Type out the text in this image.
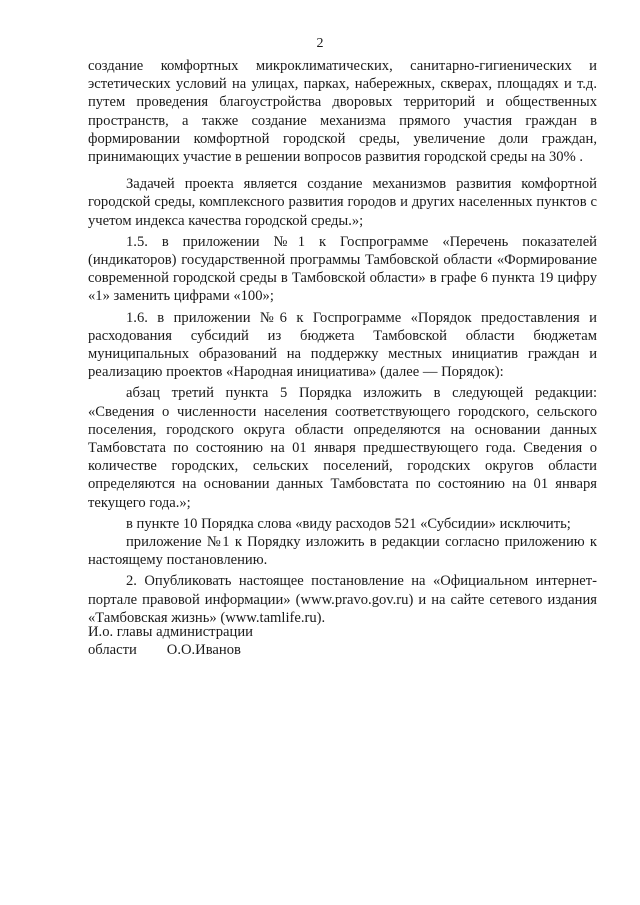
2

создание комфортных микроклиматических, санитарно-гигиенических и эстетических условий на улицах, парках, набережных, скверах, площадях и т.д. путем проведения благоустройства дворовых территорий и общественных пространств, а также создание механизма прямого участия граждан в формировании комфортной городской среды, увеличение доли граждан, принимающих участие в решении вопросов развития городской среды на 30% .

Задачей проекта является создание механизмов развития комфортной городской среды, комплексного развития городов и других населенных пунктов с учетом индекса качества городской среды.»;

1.5. в приложении №1 к Госпрограмме «Перечень показателей (индикаторов) государственной программы Тамбовской области «Формирование современной городской среды в Тамбовской области» в графе 6 пункта 19 цифру «1» заменить цифрами «100»;

1.6. в приложении №6 к Госпрограмме «Порядок предоставления и расходования субсидий из бюджета Тамбовской области бюджетам муниципальных образований на поддержку местных инициатив граждан и реализацию проектов «Народная инициатива» (далее — Порядок):

абзац третий пункта 5 Порядка изложить в следующей редакции: «Сведения о численности населения соответствующего городского, сельского поселения, городского округа области определяются на основании данных Тамбовстата по состоянию на 01 января предшествующего года. Сведения о количестве городских, сельских поселений, городских округов области определяются на основании данных Тамбовстата по состоянию на 01 января текущего года.»;

в пункте 10 Порядка слова «виду расходов 521 «Субсидии» исключить;

приложение №1 к Порядку изложить в редакции согласно приложению к настоящему постановлению.

2. Опубликовать настоящее постановление на «Официальном интернет-портале правовой информации» (www.pravo.gov.ru) и на сайте сетевого издания «Тамбовская жизнь» (www.tamlife.ru).

И.о. главы администрации
области О.О.Иванов
